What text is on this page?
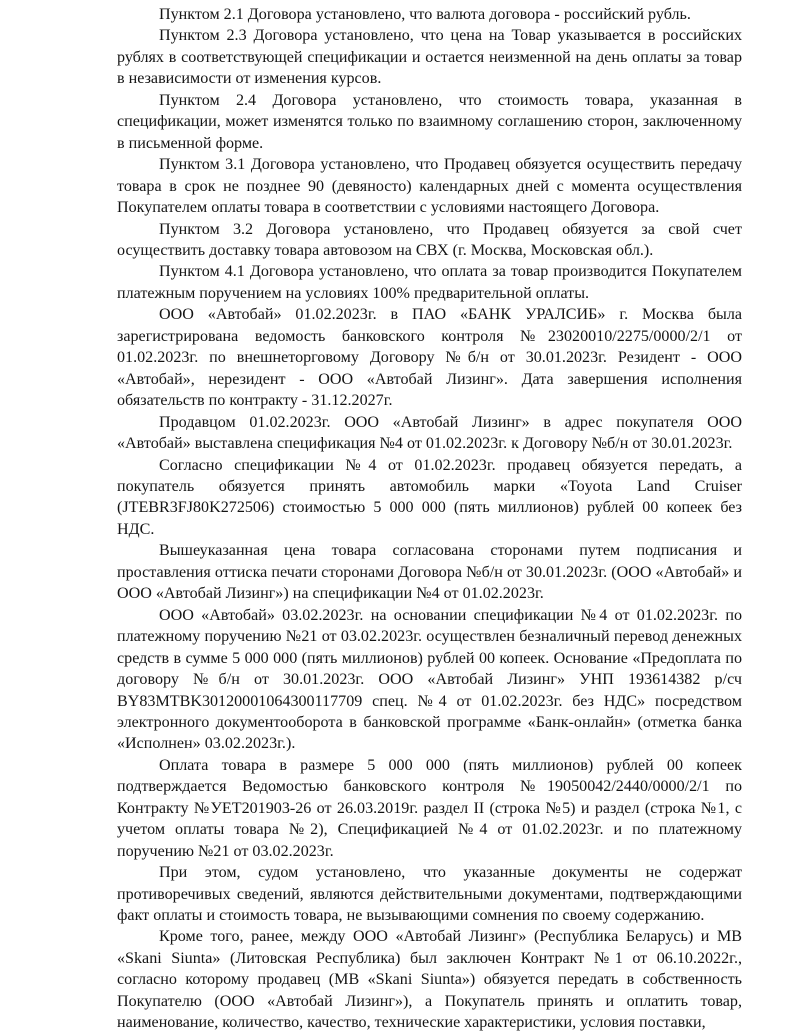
Пунктом 2.1 Договора установлено, что валюта договора - российский рубль.

Пунктом 2.3 Договора установлено, что цена на Товар указывается в российских рублях в соответствующей спецификации и остается неизменной на день оплаты за товар в независимости от изменения курсов.

Пунктом 2.4 Договора установлено, что стоимость товара, указанная в спецификации, может изменятся только по взаимному соглашению сторон, заключенному в письменной форме.

Пунктом 3.1 Договора установлено, что Продавец обязуется осуществить передачу товара в срок не позднее 90 (девяносто) календарных дней с момента осуществления Покупателем оплаты товара в соответствии с условиями настоящего Договора.

Пунктом 3.2 Договора установлено, что Продавец обязуется за свой счет осуществить доставку товара автовозом на СВХ (г. Москва, Московская обл.).

Пунктом 4.1 Договора установлено, что оплата за товар производится Покупателем платежным поручением на условиях 100% предварительной оплаты.

ООО «Автобай» 01.02.2023г. в ПАО «БАНК УРАЛСИБ» г. Москва была зарегистрирована ведомость банковского контроля №23020010/2275/0000/2/1 от 01.02.2023г. по внешнеторговому Договору №б/н от 30.01.2023г. Резидент - ООО «Автобай», нерезидент - ООО «Автобай Лизинг». Дата завершения исполнения обязательств по контракту - 31.12.2027г.

Продавцом 01.02.2023г. ООО «Автобай Лизинг» в адрес покупателя ООО «Автобай» выставлена спецификация №4 от 01.02.2023г. к Договору №б/н от 30.01.2023г.

Согласно спецификации №4 от 01.02.2023г. продавец обязуется передать, а покупатель обязуется принять автомобиль марки «Toyota Land Cruiser (JTEBR3FJ80K272506) стоимостью 5 000 000 (пять миллионов) рублей 00 копеек без НДС.

Вышеуказанная цена товара согласована сторонами путем подписания и проставления оттиска печати сторонами Договора №б/н от 30.01.2023г. (ООО «Автобай» и ООО «Автобай Лизинг») на спецификации №4 от 01.02.2023г.

ООО «Автобай» 03.02.2023г. на основании спецификации №4 от 01.02.2023г. по платежному поручению №21 от 03.02.2023г. осуществлен безналичный перевод денежных средств в сумме 5 000 000 (пять миллионов) рублей 00 копеек. Основание «Предоплата по договору №б/н от 30.01.2023г. ООО «Автобай Лизинг» УНП 193614382 р/сч BY83MTBK30120001064300117709 спец. №4 от 01.02.2023г. без НДС» посредством электронного документооборота в банковской программе «Банк-онлайн» (отметка банка «Исполнен» 03.02.2023г.).

Оплата товара в размере 5 000 000 (пять миллионов) рублей 00 копеек подтверждается Ведомостью банковского контроля №19050042/2440/0000/2/1 по Контракту №УЕТ201903-26 от 26.03.2019г. раздел II (строка №5) и раздел (строка №1, с учетом оплаты товара №2), Спецификацией №4 от 01.02.2023г. и по платежному поручению №21 от 03.02.2023г.

При этом, судом установлено, что указанные документы не содержат противоречивых сведений, являются действительными документами, подтверждающими факт оплаты и стоимость товара, не вызывающими сомнения по своему содержанию.

Кроме того, ранее, между ООО «Автобай Лизинг» (Республика Беларусь) и МВ «Skani Siunta» (Литовская Республика) был заключен Контракт №1 от 06.10.2022г., согласно которому продавец (МВ «Skani Siunta») обязуется передать в собственность Покупателю (ООО «Автобай Лизинг»), а Покупатель принять и оплатить товар, наименование, количество, качество, технические характеристики, условия поставки,
